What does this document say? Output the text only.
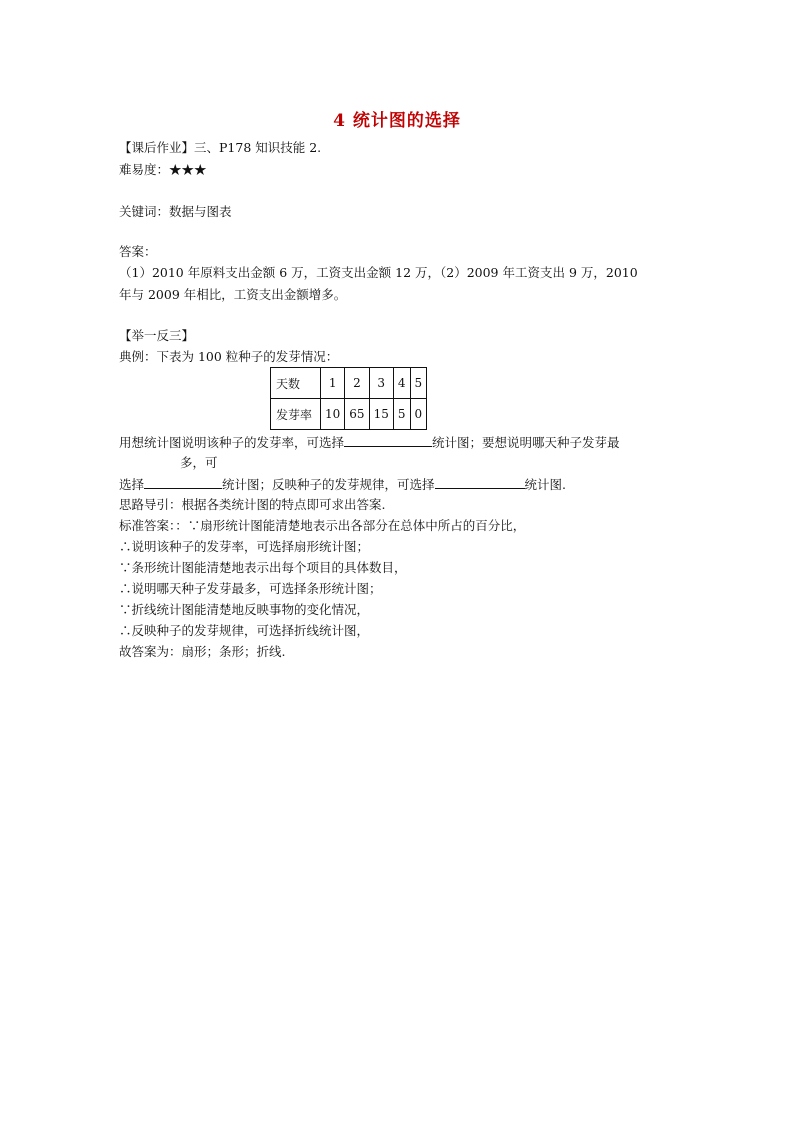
4 统计图的选择
【课后作业】三、P178 知识技能 2.
难易度：★★★
关键词：数据与图表
答案：
（1）2010 年原料支出金额 6 万，工资支出金额 12 万，（2）2009 年工资支出 9 万，2010
年与 2009 年相比，工资支出金额增多。
【举一反三】
典例：下表为 100 粒种子的发芽情况：
天数	1	2	3	4	5
发芽率	10	65	15	5	0
用想统计图说明该种子的发芽率，可选择	统计图；要想说明哪天种子发芽最
多，可
选择	统计图；反映种子的发芽规律，可选择	统计图.
思路导引：根据各类统计图的特点即可求出答案.
标准答案：：∵扇形统计图能清楚地表示出各部分在总体中所占的百分比，
∴说明该种子的发芽率，可选择扇形统计图；
∵条形统计图能清楚地表示出每个项目的具体数目，
∴说明哪天种子发芽最多，可选择条形统计图；
∵折线统计图能清楚地反映事物的变化情况，
∴反映种子的发芽规律，可选择折线统计图，
故答案为：扇形；条形；折线.
